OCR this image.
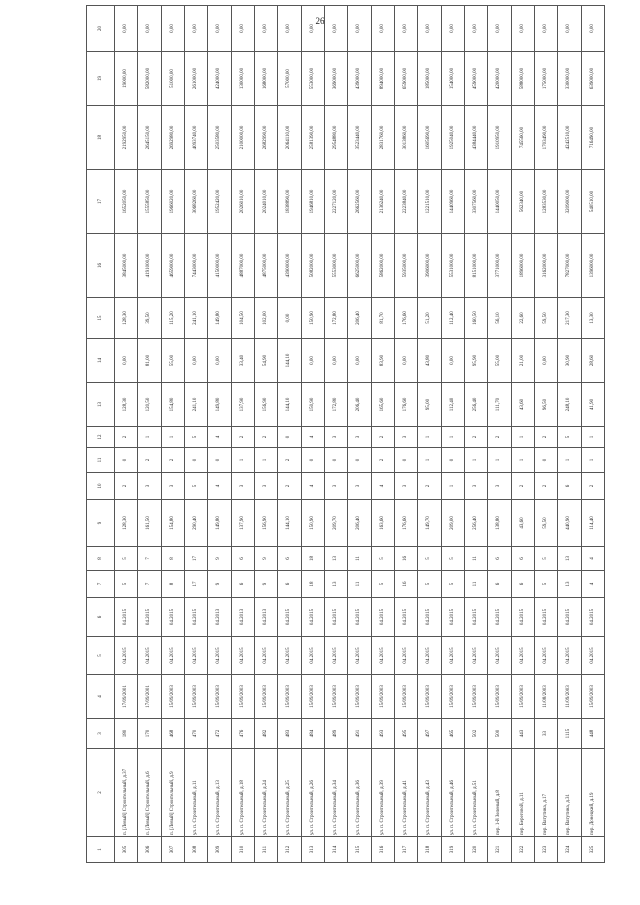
26
1	2	3	4	5	6	7	8	9	10	11	12	13	14	15	16	17	18	19	20
305	п. [Левый] Строительный, д.37	180	17/09/2001	04.2015	04.2015	5	5	128,30	2	0	2	128,30	0,00	128,30	3845000,00	1652050,00	2192950,00	19000,00	0,00
306	п. [Левый] Строительный, д.6	170	17/09/2001	04.2015	04.2015	7	7	161,50	3	2	1	120,50	81,00	39,50	4191000,00	1555850,00	2645150,00	582000,00	0,00
307	п. [Левый] Строительный, д.9	468	15/09/2003	04.2015	04.2015	8	8	154,80	3	2	1	154,80	55,00	115,20	4659000,00	1966020,00	2692980,00	51000,00	0,00
308	ул. п. Строительный, д.11	470	15/09/2003	04.2015	04.2015	17	17	290,40	5	0	5	241,10	0,00	241,10	7443000,00	3068260,00	4093740,00	261000,00	0,00
309	ул. п. Строительный, д.13	472	15/09/2003	04.2015	04.2013	9	9	149,80	4	0	4	149,80	0,00	149,80	4150000,00	1952420,00	2503580,00	424000,00	0,00
310	ул. п. Строительный, д.18	476	15/09/2003	04.2015	04.2013	6	6	137,90	3	1	2	137,90	33,40	104,50	4887000,00	2026010,00	2100000,00	130000,00	0,00
311	ул. п. Строительный, д.24	482	15/09/2003	04.2015	04.2013	9	9	156,90	3	1	2	156,90	54,90	102,00	4875000,00	2024010,00	2682990,00	168000,00	0,00
312	ул. п. Строительный, д.25	483	15/09/2003	04.2015	04.2015	6	6	144,10	2	2	0	144,10	144,10	0,00	4390000,00	1838890,00	2064110,00	57000,00	0,00
313	ул. п. Строительный, д.26	484	15/09/2003	04.2015	04.2015	18	18	150,90	4	0	4	150,90	0,00	150,90	5082000,00	1946810,00	2581390,00	553000,00	0,00
314	ул. п. Строительный, д.34	489	15/09/2003	04.2015	04.2015	13	13	209,70	3	0	3	172,80	0,00	172,80	5553000,00	2227120,00	2954880,00	369000,00	0,00
315	ул. п. Строительный, д.36	491	15/09/2003	04.2015	04.2015	11	11	206,40	3	0	3	206,40	0,00	206,40	6625000,00	2662560,00	3523440,00	439000,00	0,00
316	ул. п. Строительный, д.39	493	15/09/2003	04.2015	04.2015	5	5	163,60	4	2	2	165,60	83,90	81,70	5862000,00	2136240,00	2831760,00	894000,00	0,00
317	ул. п. Строительный, д.41	495	15/09/2003	04.2015	04.2015	16	16	176,60	3	0	3	176,60	0,00	176,60	5935000,00	2223840,00	3013860,00	659000,00	0,00
318	ул. п. Строительный, д.43	497	15/09/2003	04.2015	04.2015	5	5	149,70	2	1	1	95,00	43,80	51,20	3906000,00	1221510,00	1605690,00	185000,00	0,00
319	ул. п. Строительный, д.46	465	15/09/2003	04.2015	04.2015	5	5	209,00	1	0	1	112,40	0,00	112,40	5531000,00	1440960,00	1925040,00	154000,00	0,00
320	ул. п. Строительный, д.51	502	15/09/2003	04.2015	04.2015	11	11	256,40	3	1	2	256,40	95,90	160,50	8151000,00	3307560,00	4384440,00	459000,00	0,00
321	пер. 1-й Зеленый, д.8	500	15/09/2003	04.2015	04.2015	6	6	138,80	3	1	2	111,70	55,00	56,10	3771000,00	1440050,00	1910950,00	420000,00	0,00
322	пер. Береговой, д.11	443	15/09/2003	04.2015	04.2015	6	6	43,60	2	1	1	43,60	21,00	22,60	1896000,00	562340,00	745560,00	588000,00	0,00
323	пер. Ватутина, д.17	33	11/08/2003	04.2015	04.2015	5	5	59,50	2	0	2	96,50	0,00	59,50	3162000,00	1283530,00	1703490,00	175000,00	0,00
324	пер. Ватутина, д.31	1115	11/09/2003	04.2015	04.2015	13	13	440,90	6	1	5	248,10	30,90	217,30	7827000,00	3209000,00	4242510,00	330000,00	0,00
325	пер. Донецкий, д.19	448	15/09/2003	04.2015	04.2015	4	4	114,40	2	1	1	41,90	28,60	13,30	1396000,00	540510,00	716490,00	639000,00	0,00
